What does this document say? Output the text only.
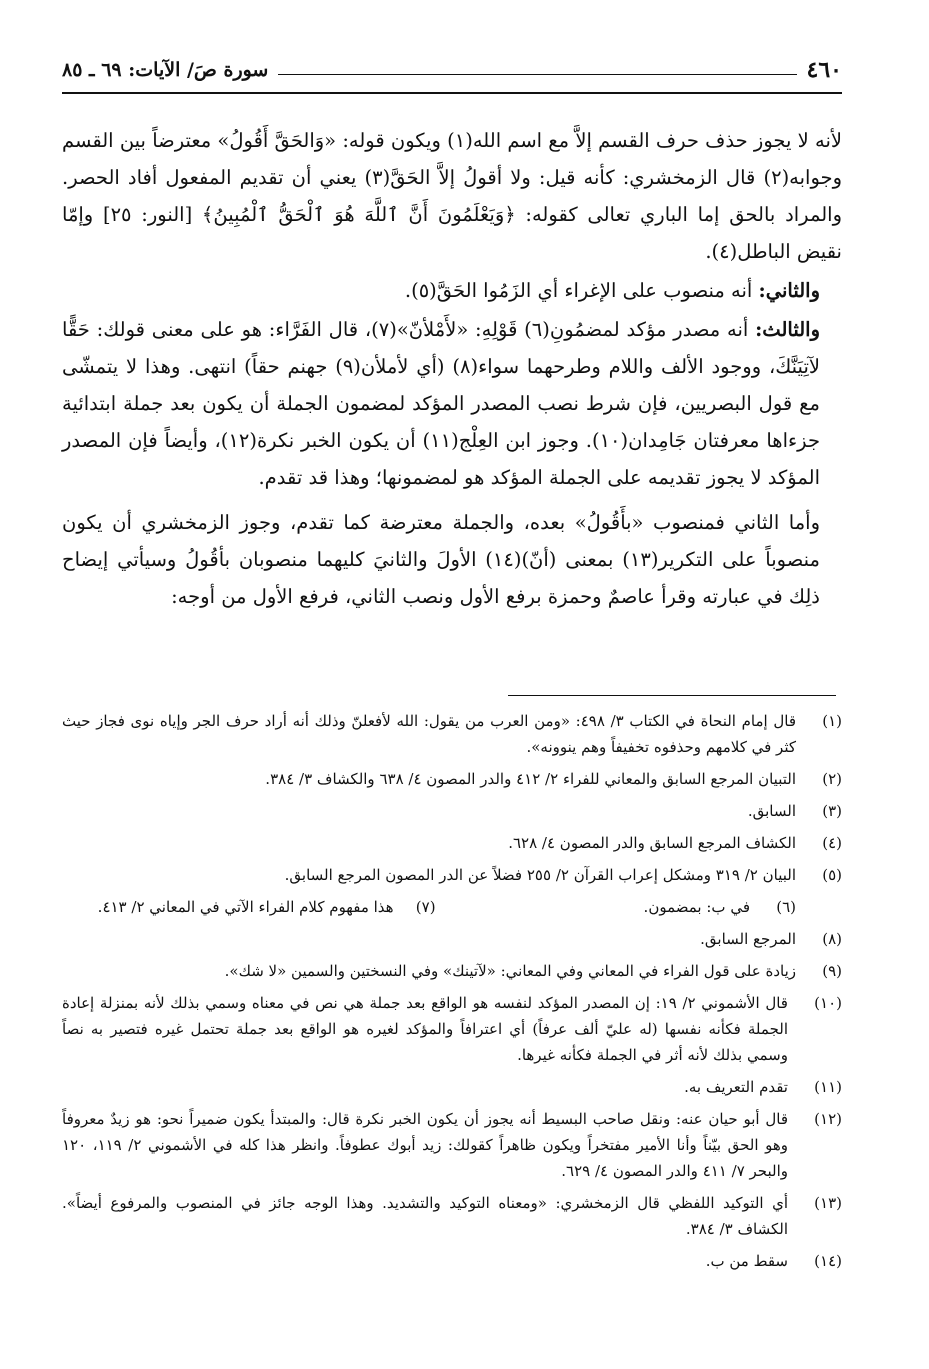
٤٦٠
سورة صَ/ الآيات: ٦٩ ـ ٨٥

لأنه لا يجوز حذف حرف القسم إلاَّ مع اسم الله(١) ويكون قوله: «وَالحَقَّ أَقُولُ» معترضاً بين القسم وجوابه(٢) قال الزمخشري: كأنه قيل: ولا أقولُ إلاَّ الحَقَّ(٣) يعني أن تقديم المفعول أفاد الحصر. والمراد بالحق إما الباري تعالى كقوله: ﴿وَيَعْلَمُونَ أَنَّ ٱللَّهَ هُوَ ٱلْحَقُّ ٱلْمُبِينُ﴾ [النور: ٢٥] وإمّا نقيض الباطل(٤).

والثاني: أنه منصوب على الإغراء أي الزَمُوا الحَقَّ(٥).

والثالث: أنه مصدر مؤكد لمضمُونِ(٦) قَوْلِهِ: «لأَمْلأنّ»(٧)، قال الفَرَّاء: هو على معنى قولك: حَقًّا لآتِيَنَّكَ، ووجود الألف واللام وطرحهما سواء(٨) (أي لأملأن(٩) جهنم حقاً) انتهى. وهذا لا يتمشّى مع قول البصريين، فإن شرط نصب المصدر المؤكد لمضمون الجملة أن يكون بعد جملة ابتدائية جزءاها معرفتان جَامِدان(١٠). وجوز ابن العِلْج(١١) أن يكون الخبر نكرة(١٢)، وأيضاً فإن المصدر المؤكد لا يجوز تقديمه على الجملة المؤكد هو لمضمونها؛ وهذا قد تقدم.

وأما الثاني فمنصوب «بأَقُولُ» بعده، والجملة معترضة كما تقدم، وجوز الزمخشري أن يكون منصوباً على التكرير(١٣) بمعنى (أنّ)(١٤) الأولَ والثانيَ كليهما منصوبان بأقُولُ وسيأتي إيضاح ذلِك في عبارته وقرأ عاصمٌ وحمزة برفع الأول ونصب الثاني، فرفع الأول من أوجه:

(١)
قال إمام النحاة في الكتاب ٣/ ٤٩٨: «ومن العرب من يقول: الله لأفعلنّ وذلك أنه أراد حرف الجر وإياه نوى فجاز حيث كثر في كلامهم وحذفوه تخفيفاً وهم ينوونه».
(٢)
التبيان المرجع السابق والمعاني للفراء ٢/ ٤١٢ والدر المصون ٤/ ٦٣٨ والكشاف ٣/ ٣٨٤.
(٣)
السابق.
(٤)
الكشاف المرجع السابق والدر المصون ٤/ ٦٢٨.
(٥)
البيان ٢/ ٣١٩ ومشكل إعراب القرآن ٢/ ٢٥٥ فضلاً عن الدر المصون المرجع السابق.
(٦)
في ب: بمضمون.
(٧)
هذا مفهوم كلام الفراء الآتي في المعاني ٢/ ٤١٣.
(٨)
المرجع السابق.
(٩)
زيادة على قول الفراء في المعاني وفي المعاني: «لآتينك» وفي النسختين والسمين «لا شك».
(١٠)
قال الأشموني ٢/ ١٩: إن المصدر المؤكد لنفسه هو الواقع بعد جملة هي نص في معناه وسمي بذلك لأنه بمنزلة إعادة الجملة فكأنه نفسها (له عليّ ألف عرفاً) أي اعترافاً والمؤكد لغيره هو الواقع بعد جملة تحتمل غيره فتصير به نصاً وسمي بذلك لأنه أثر في الجملة فكأنه غيرها.
(١١)
تقدم التعريف به.
(١٢)
قال أبو حيان عنه: ونقل صاحب البسيط أنه يجوز أن يكون الخبر نكرة قال: والمبتدأ يكون ضميراً نحو: هو زيدٌ معروفاً وهو الحق بيّناً وأنا الأمير مفتخراً ويكون ظاهراً كقولك: زيد أبوك عطوفاً. وانظر هذا كله في الأشموني ٢/ ١١٩، ١٢٠ والبحر ٧/ ٤١١ والدر المصون ٤/ ٦٢٩.
(١٣)
أي التوكيد اللفظي قال الزمخشري: «ومعناه التوكيد والتشديد. وهذا الوجه جائز في المنصوب والمرفوع أيضاً». الكشاف ٣/ ٣٨٤.
(١٤)
سقط من ب.
